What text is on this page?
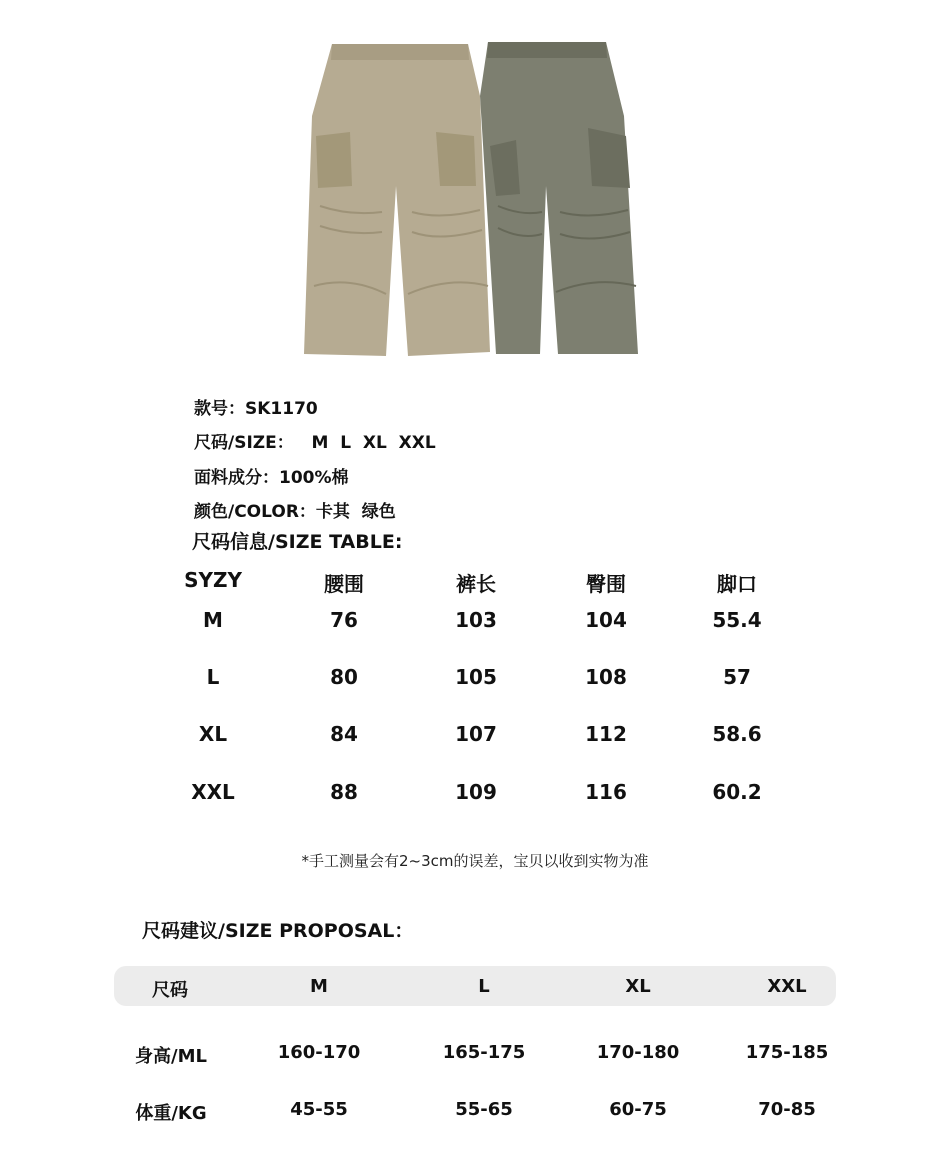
款号：SK1170
尺码/SIZE：   M  L  XL  XXL
面料成分：100%棉
颜色/COLOR：卡其  绿色
尺码信息/SIZE TABLE:
SYZY	腰围	裤长	臀围	脚口
M	76	103	104	55.4
L	80	105	108	57
XL	84	107	112	58.6
XXL	88	109	116	60.2
*手工测量会有2~3cm的误差，宝贝以收到实物为准
尺码建议/SIZE PROPOSAL：
尺码	M	L	XL	XXL
身高/ML	160-170	165-175	170-180	175-185
体重/KG	45-55	55-65	60-75	70-85
